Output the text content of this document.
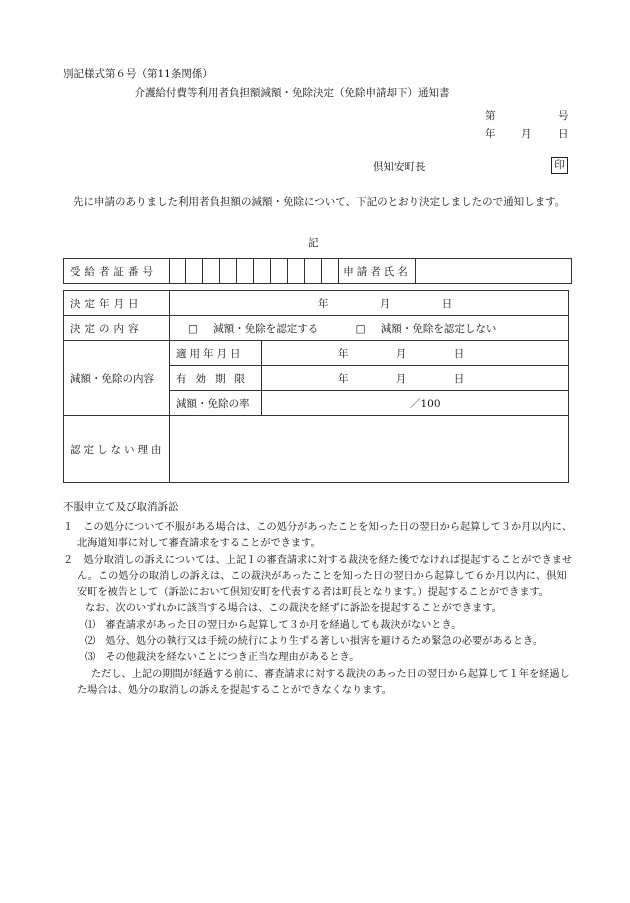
別記様式第６号（第11条関係）
介護給付費等利用者負担額減額・免除決定（免除申請却下）通知書
第	号
年 月	日
倶知安町長	印
先に申請のありました利用者負担額の減額・免除について、下記のとおり決定しましたので通知します。
記
受給者証番号											申請者氏名	
決定年月日	年 月 日	
決定の内容	□ 減額・免除を認定する □ 減額・免除を認定しない	
減額・免除の内容	適用年月日	年 月 日
	有効期限	年 月 日
	減額・免除の率	／100
認定しない理由		
不服申立て及び取消訴訟

１　この処分について不服がある場合は、この処分があったことを知った日の翌日から起算して３か月以内に、北海道知事に対して審査請求をすることができます。

２　処分取消しの訴えについては、上記１の審査請求に対する裁決を経た後でなければ提起することができません。この処分の取消しの訴えは、この裁決があったことを知った日の翌日から起算して６か月以内に、倶知安町を被告として（訴訟において倶知安町を代表する者は町長となります。）提起することができます。

なお、次のいずれかに該当する場合は、この裁決を経ずに訴訟を提起することができます。

⑴　審査請求があった日の翌日から起算して３か月を経過しても裁決がないとき。

⑵　処分、処分の執行又は手続の続行により生ずる著しい損害を避けるため緊急の必要があるとき。

⑶　その他裁決を経ないことにつき正当な理由があるとき。

ただし、上記の期間が経過する前に、審査請求に対する裁決のあった日の翌日から起算して１年を経過した場合は、処分の取消しの訴えを提起することができなくなります。
